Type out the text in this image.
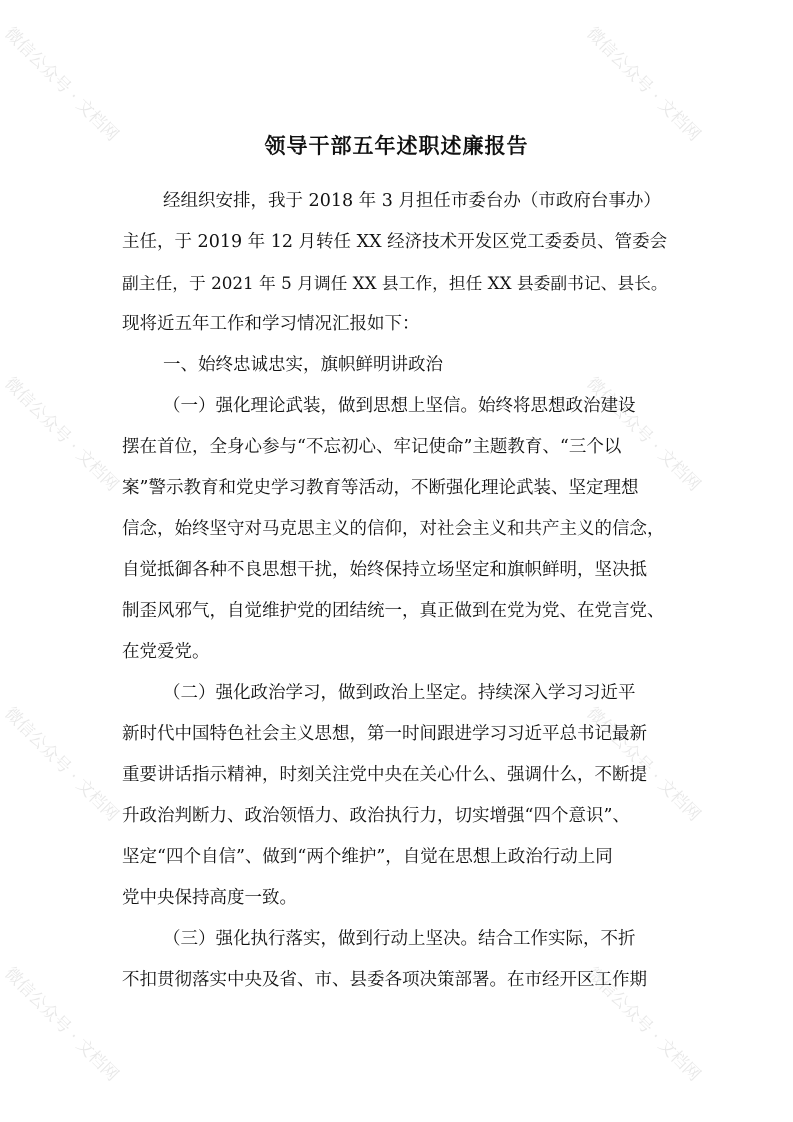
微信公众号 · 文档网	微信公众号 · 文档网
微信公众号 · 文档网	微信公众号 · 文档网
微信公众号 · 文档网	微信公众号 · 文档网
微信公众号 · 文档网	微信公众号 · 文档网
领导干部五年述职述廉报告
经组织安排，我于 2018 年 3 月担任市委台办（市政府台事办）
主任，于 2019 年 12 月转任 XX 经济技术开发区党工委委员、管委会
副主任，于 2021 年 5 月调任 XX 县工作，担任 XX 县委副书记、县长。
现将近五年工作和学习情况汇报如下：
一、始终忠诚忠实，旗帜鲜明讲政治
（一）强化理论武装，做到思想上坚信。始终将思想政治建设
摆在首位，全身心参与“不忘初心、牢记使命”主题教育、“三个以
案”警示教育和党史学习教育等活动，不断强化理论武装、坚定理想
信念，始终坚守对马克思主义的信仰，对社会主义和共产主义的信念，
自觉抵御各种不良思想干扰，始终保持立场坚定和旗帜鲜明，坚决抵
制歪风邪气，自觉维护党的团结统一，真正做到在党为党、在党言党、
在党爱党。
（二）强化政治学习，做到政治上坚定。持续深入学习习近平
新时代中国特色社会主义思想，第一时间跟进学习习近平总书记最新
重要讲话指示精神，时刻关注党中央在关心什么、强调什么，不断提
升政治判断力、政治领悟力、政治执行力，切实增强“四个意识”、
坚定“四个自信”、做到“两个维护”，自觉在思想上政治行动上同
党中央保持高度一致。
（三）强化执行落实，做到行动上坚决。结合工作实际，不折
不扣贯彻落实中央及省、市、县委各项决策部署。在市经开区工作期
